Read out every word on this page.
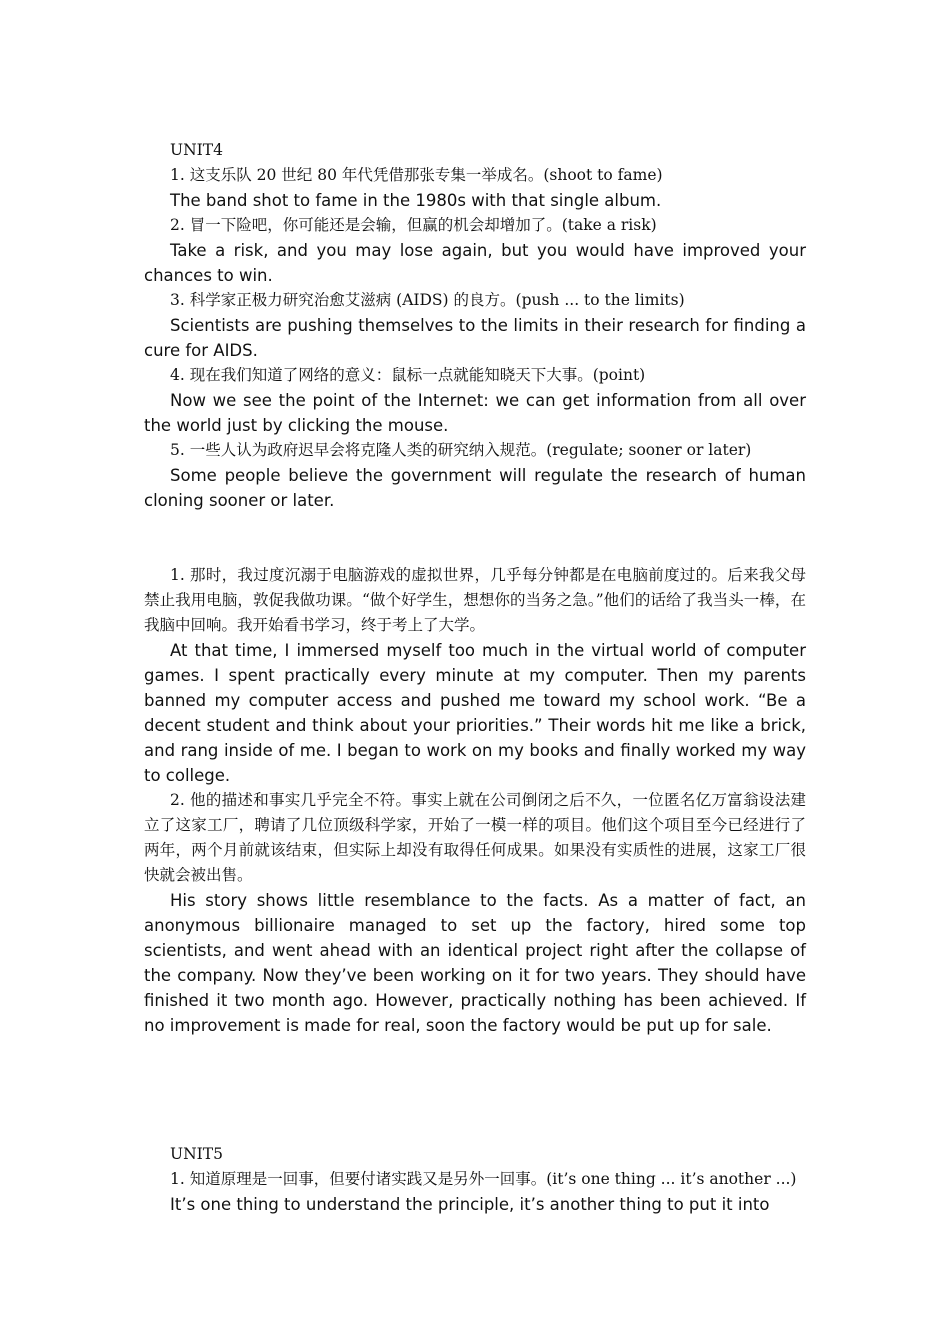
UNIT4

1. 这支乐队 20 世纪 80 年代凭借那张专集一举成名。(shoot to fame)

The band shot to fame in the 1980s with that single album.

2. 冒一下险吧，你可能还是会输，但赢的机会却增加了。(take a risk)

Take a risk, and you may lose again, but you would have improved your chances to win.

3. 科学家正极力研究治愈艾滋病 (AIDS) 的良方。(push ... to the limits)

Scientists are pushing themselves to the limits in their research for finding a cure for AIDS.

4. 现在我们知道了网络的意义：鼠标一点就能知晓天下大事。(point)

Now we see the point of the Internet: we can get information from all over the world just by clicking the mouse.

5. 一些人认为政府迟早会将克隆人类的研究纳入规范。(regulate; sooner or later)

Some people believe the government will regulate the research of human cloning sooner or later.

1. 那时，我过度沉溺于电脑游戏的虚拟世界，几乎每分钟都是在电脑前度过的。后来我父母禁止我用电脑，敦促我做功课。“做个好学生，想想你的当务之急。”他们的话给了我当头一棒，在我脑中回响。我开始看书学习，终于考上了大学。

At that time, I immersed myself too much in the virtual world of computer games. I spent practically every minute at my computer. Then my parents banned my computer access and pushed me toward my school work. “Be a decent student and think about your priorities.” Their words hit me like a brick, and rang inside of me. I began to work on my books and finally worked my way to college.

2. 他的描述和事实几乎完全不符。事实上就在公司倒闭之后不久，一位匿名亿万富翁设法建立了这家工厂，聘请了几位顶级科学家，开始了一模一样的项目。他们这个项目至今已经进行了两年，两个月前就该结束，但实际上却没有取得任何成果。如果没有实质性的进展，这家工厂很快就会被出售。

His story shows little resemblance to the facts. As a matter of fact, an anonymous billionaire managed to set up the factory, hired some top scientists, and went ahead with an identical project right after the collapse of the company. Now they’ve been working on it for two years. They should have finished it two month ago. However, practically nothing has been achieved. If no improvement is made for real, soon the factory would be put up for sale.

UNIT5

1. 知道原理是一回事，但要付诸实践又是另外一回事。(it’s one thing ... it’s another ...)

It’s one thing to understand the principle, it’s another thing to put it into
